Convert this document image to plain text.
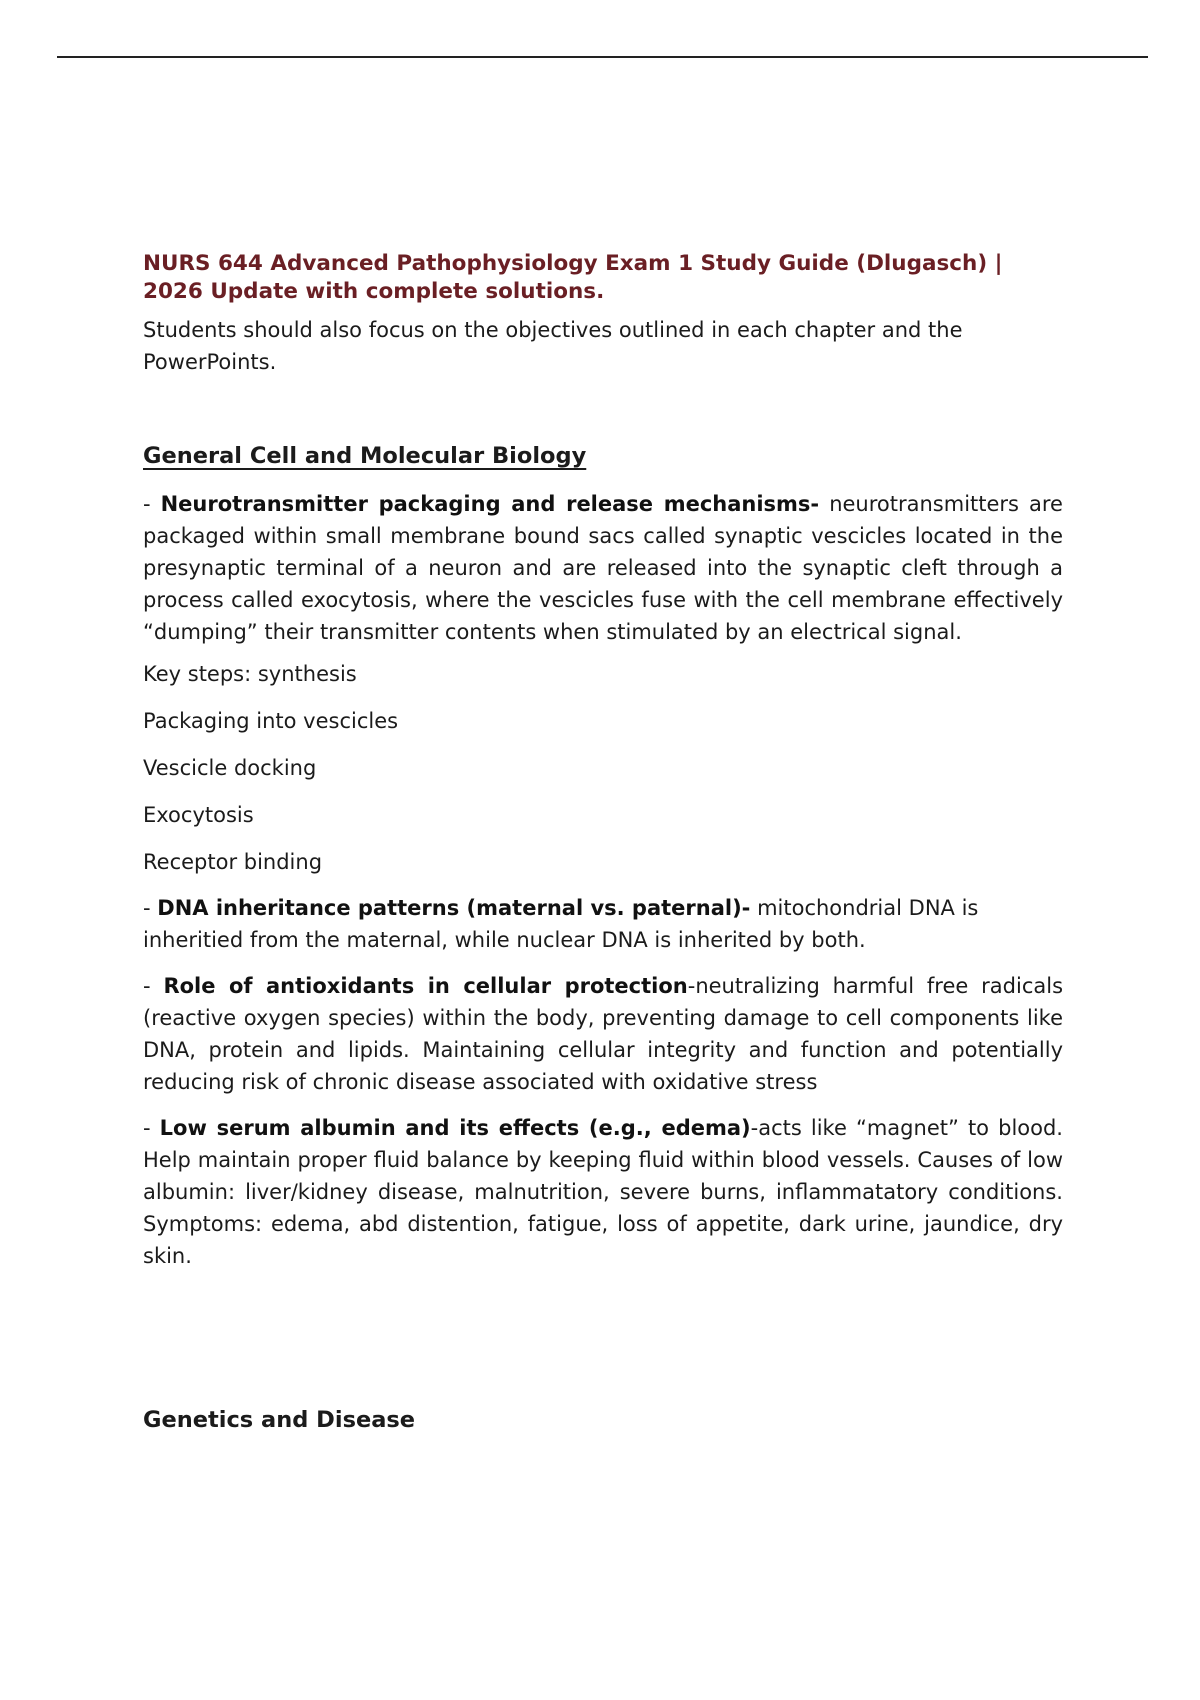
NURS 644 Advanced Pathophysiology Exam 1 Study Guide (Dlugasch) | 2026 Update with complete solutions.

Students should also focus on the objectives outlined in each chapter and the PowerPoints.

General Cell and Molecular Biology

- Neurotransmitter packaging and release mechanisms- neurotransmitters are packaged within small membrane bound sacs called synaptic vescicles located in the presynaptic terminal of a neuron and are released into the synaptic cleft through a process called exocytosis, where the vescicles fuse with the cell membrane effectively “dumping” their transmitter contents when stimulated by an electrical signal.

Key steps: synthesis

Packaging into vescicles

Vescicle docking

Exocytosis

Receptor binding

- DNA inheritance patterns (maternal vs. paternal)- mitochondrial DNA is inheritied from the maternal, while nuclear DNA is inherited by both.

- Role of antioxidants in cellular protection-neutralizing harmful free radicals (reactive oxygen species) within the body, preventing damage to cell components like DNA, protein and lipids. Maintaining cellular integrity and function and potentially reducing risk of chronic disease associated with oxidative stress

- Low serum albumin and its effects (e.g., edema)-acts like “magnet” to blood. Help maintain proper fluid balance by keeping fluid within blood vessels. Causes of low albumin: liver/kidney disease, malnutrition, severe burns, inflammatatory conditions. Symptoms: edema, abd distention, fatigue, loss of appetite, dark urine, jaundice, dry skin.

Genetics and Disease
